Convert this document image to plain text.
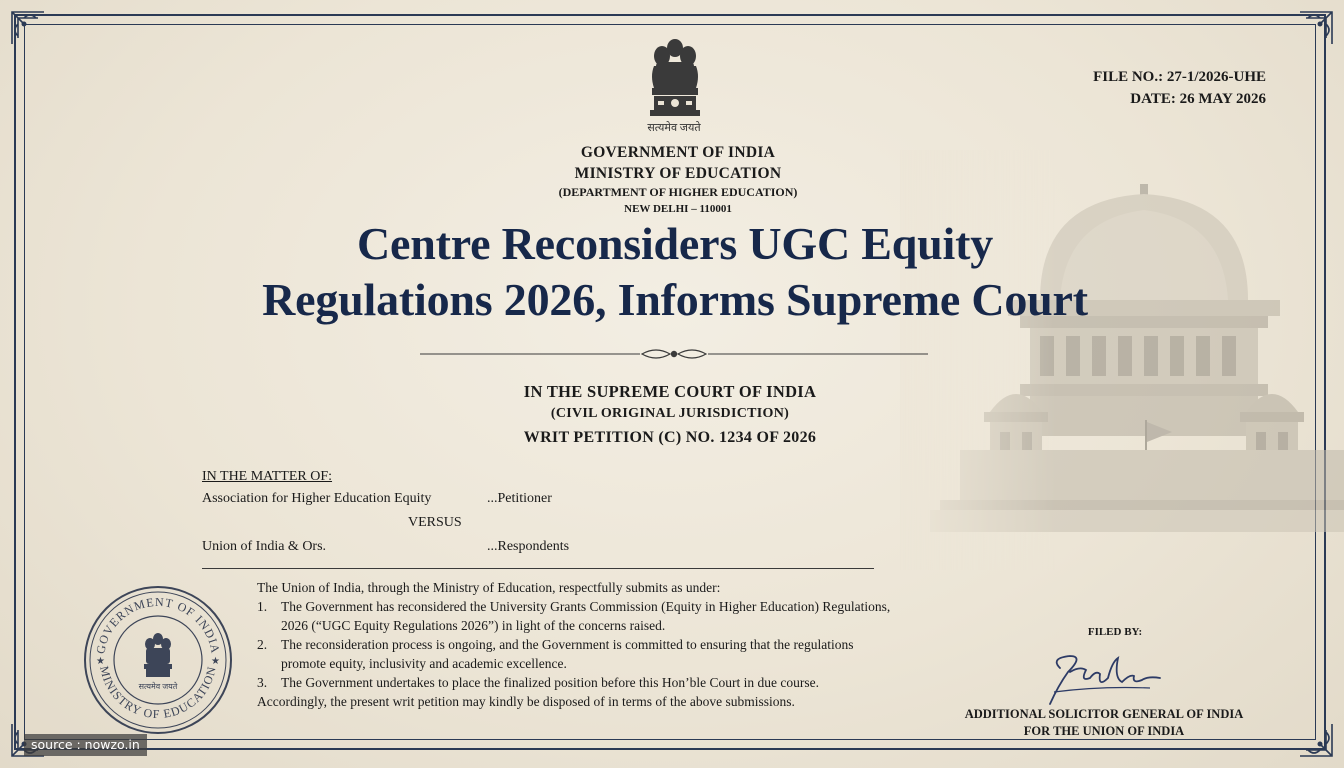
सत्यमेव जयते
FILE NO.: 27-1/2026-UHE
DATE: 26 MAY 2026
GOVERNMENT OF INDIA
MINISTRY OF EDUCATION
(DEPARTMENT OF HIGHER EDUCATION)
NEW DELHI – 110001
Centre Reconsiders UGC Equity
Regulations 2026, Informs Supreme Court
IN THE SUPREME COURT OF INDIA
(CIVIL ORIGINAL JURISDICTION)
WRIT PETITION (C) NO. 1234 OF 2026
IN THE MATTER OF:
Association for Higher Education Equity	...Petitioner
VERSUS
Union of India & Ors.	...Respondents
The Union of India, through the Ministry of Education, respectfully submits as under:
1. The Government has reconsidered the University Grants Commission (Equity in Higher Education) Regulations, 2026 (“UGC Equity Regulations 2026”) in light of the concerns raised.
2. The reconsideration process is ongoing, and the Government is committed to ensuring that the regulations promote equity, inclusivity and academic excellence.
3. The Government undertakes to place the finalized position before this Hon’ble Court in due course.
Accordingly, the present writ petition may kindly be disposed of in terms of the above submissions.
GOVERNMENT OF INDIA
MINISTRY OF EDUCATION
★	★
सत्यमेव जयते
FILED BY:
ADDITIONAL SOLICITOR GENERAL OF INDIA
FOR THE UNION OF INDIA
source : nowzo.in
